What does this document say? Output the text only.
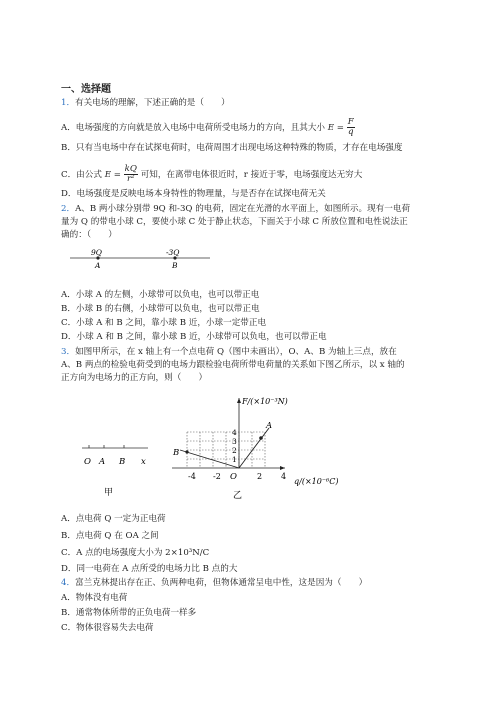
一、选择题
1．有关电场的理解，下述正确的是（　　）
A．电场强度的方向就是放入电场中电荷所受电场力的方向，且其大小 $E = \frac{F}{q}$
B．只有当电场中存在试探电荷时，电荷周围才出现电场这种特殊的物质，才存在电场强度
C．由公式 $E = \frac{kQ}{\text{r²}}$ 可知，在离带电体很近时，r 接近于零，电场强度达无穷大
D．电场强度是反映电场本身特性的物理量，与是否存在试探电荷无关
2．A、B 两小球分别带 9Q 和-3Q 的电荷，固定在光滑的水平面上，如图所示。现有一电荷
量为 Q 的带电小球 C，要使小球 C 处于静止状态，下面关于小球 C 所放位置和电性说法正
确的：（　　）
9Q	-3Q
A	B
A．小球 A 的左侧，小球带可以负电，也可以带正电
B．小球 B 的右侧，小球带可以负电，也可以带正电
C．小球 A 和 B 之间，靠小球 B 近，小球一定带正电
D．小球 A 和 B 之间，靠小球 B 近，小球带可以负电，也可以带正电
3．如图甲所示，在 x 轴上有一个点电荷 Q（图中未画出），O、A、B 为轴上三点，放在
A、B 两点的检验电荷受到的电场力跟检验电荷所带电荷量的关系如下图乙所示，以 x 轴的
正方向为电场力的正方向，则（　　）
O A B x
甲
F/(×10⁻³N)
q/(×10⁻⁶C)
O
1
2
3
4
-4 -2	2 4
A
B
乙
A．点电荷 Q 一定为正电荷
B．点电荷 Q 在 OA 之间
C．A 点的电场强度大小为 2×10³N/C
D．同一电荷在 A 点所受的电场力比 B 点的大
4．富兰克林提出存在正、负两种电荷，但物体通常呈电中性，这是因为（　　）
A．物体没有电荷
B．通常物体所带的正负电荷一样多
C．物体很容易失去电荷
